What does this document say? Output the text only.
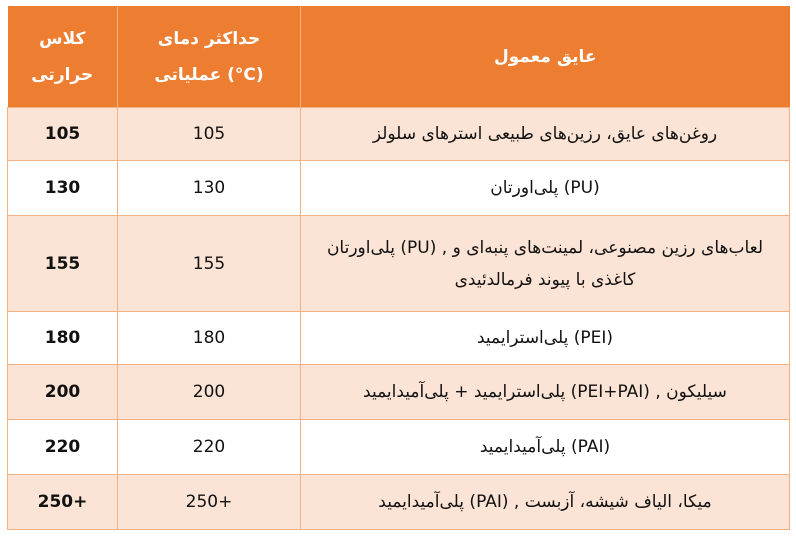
كلاس حرارتی	حداكثر دمای عملیاتی (°C)	عایق معمول
105	105	روغن‌های عایق، رزین‌های طبیعی استرهای سلولز
130	130	(PU) پلی‌اورتان
155	155	لعاب‌های رزین مصنوعی، لمینت‌های پنبه‌ای و , (PU) پلی‌اورتان كاغذی با پیوند فرمالدئیدی
180	180	(PEI) پلی‌استرایمید
200	200	سیلیكون , (PEI+PAI) پلی‌استرایمید + پلی‌آمیدایمید
220	220	(PAI) پلی‌آمیدایمید
250+	250+	میكا، الیاف شیشه، آزبست , (PAI) پلی‌آمیدایمید
